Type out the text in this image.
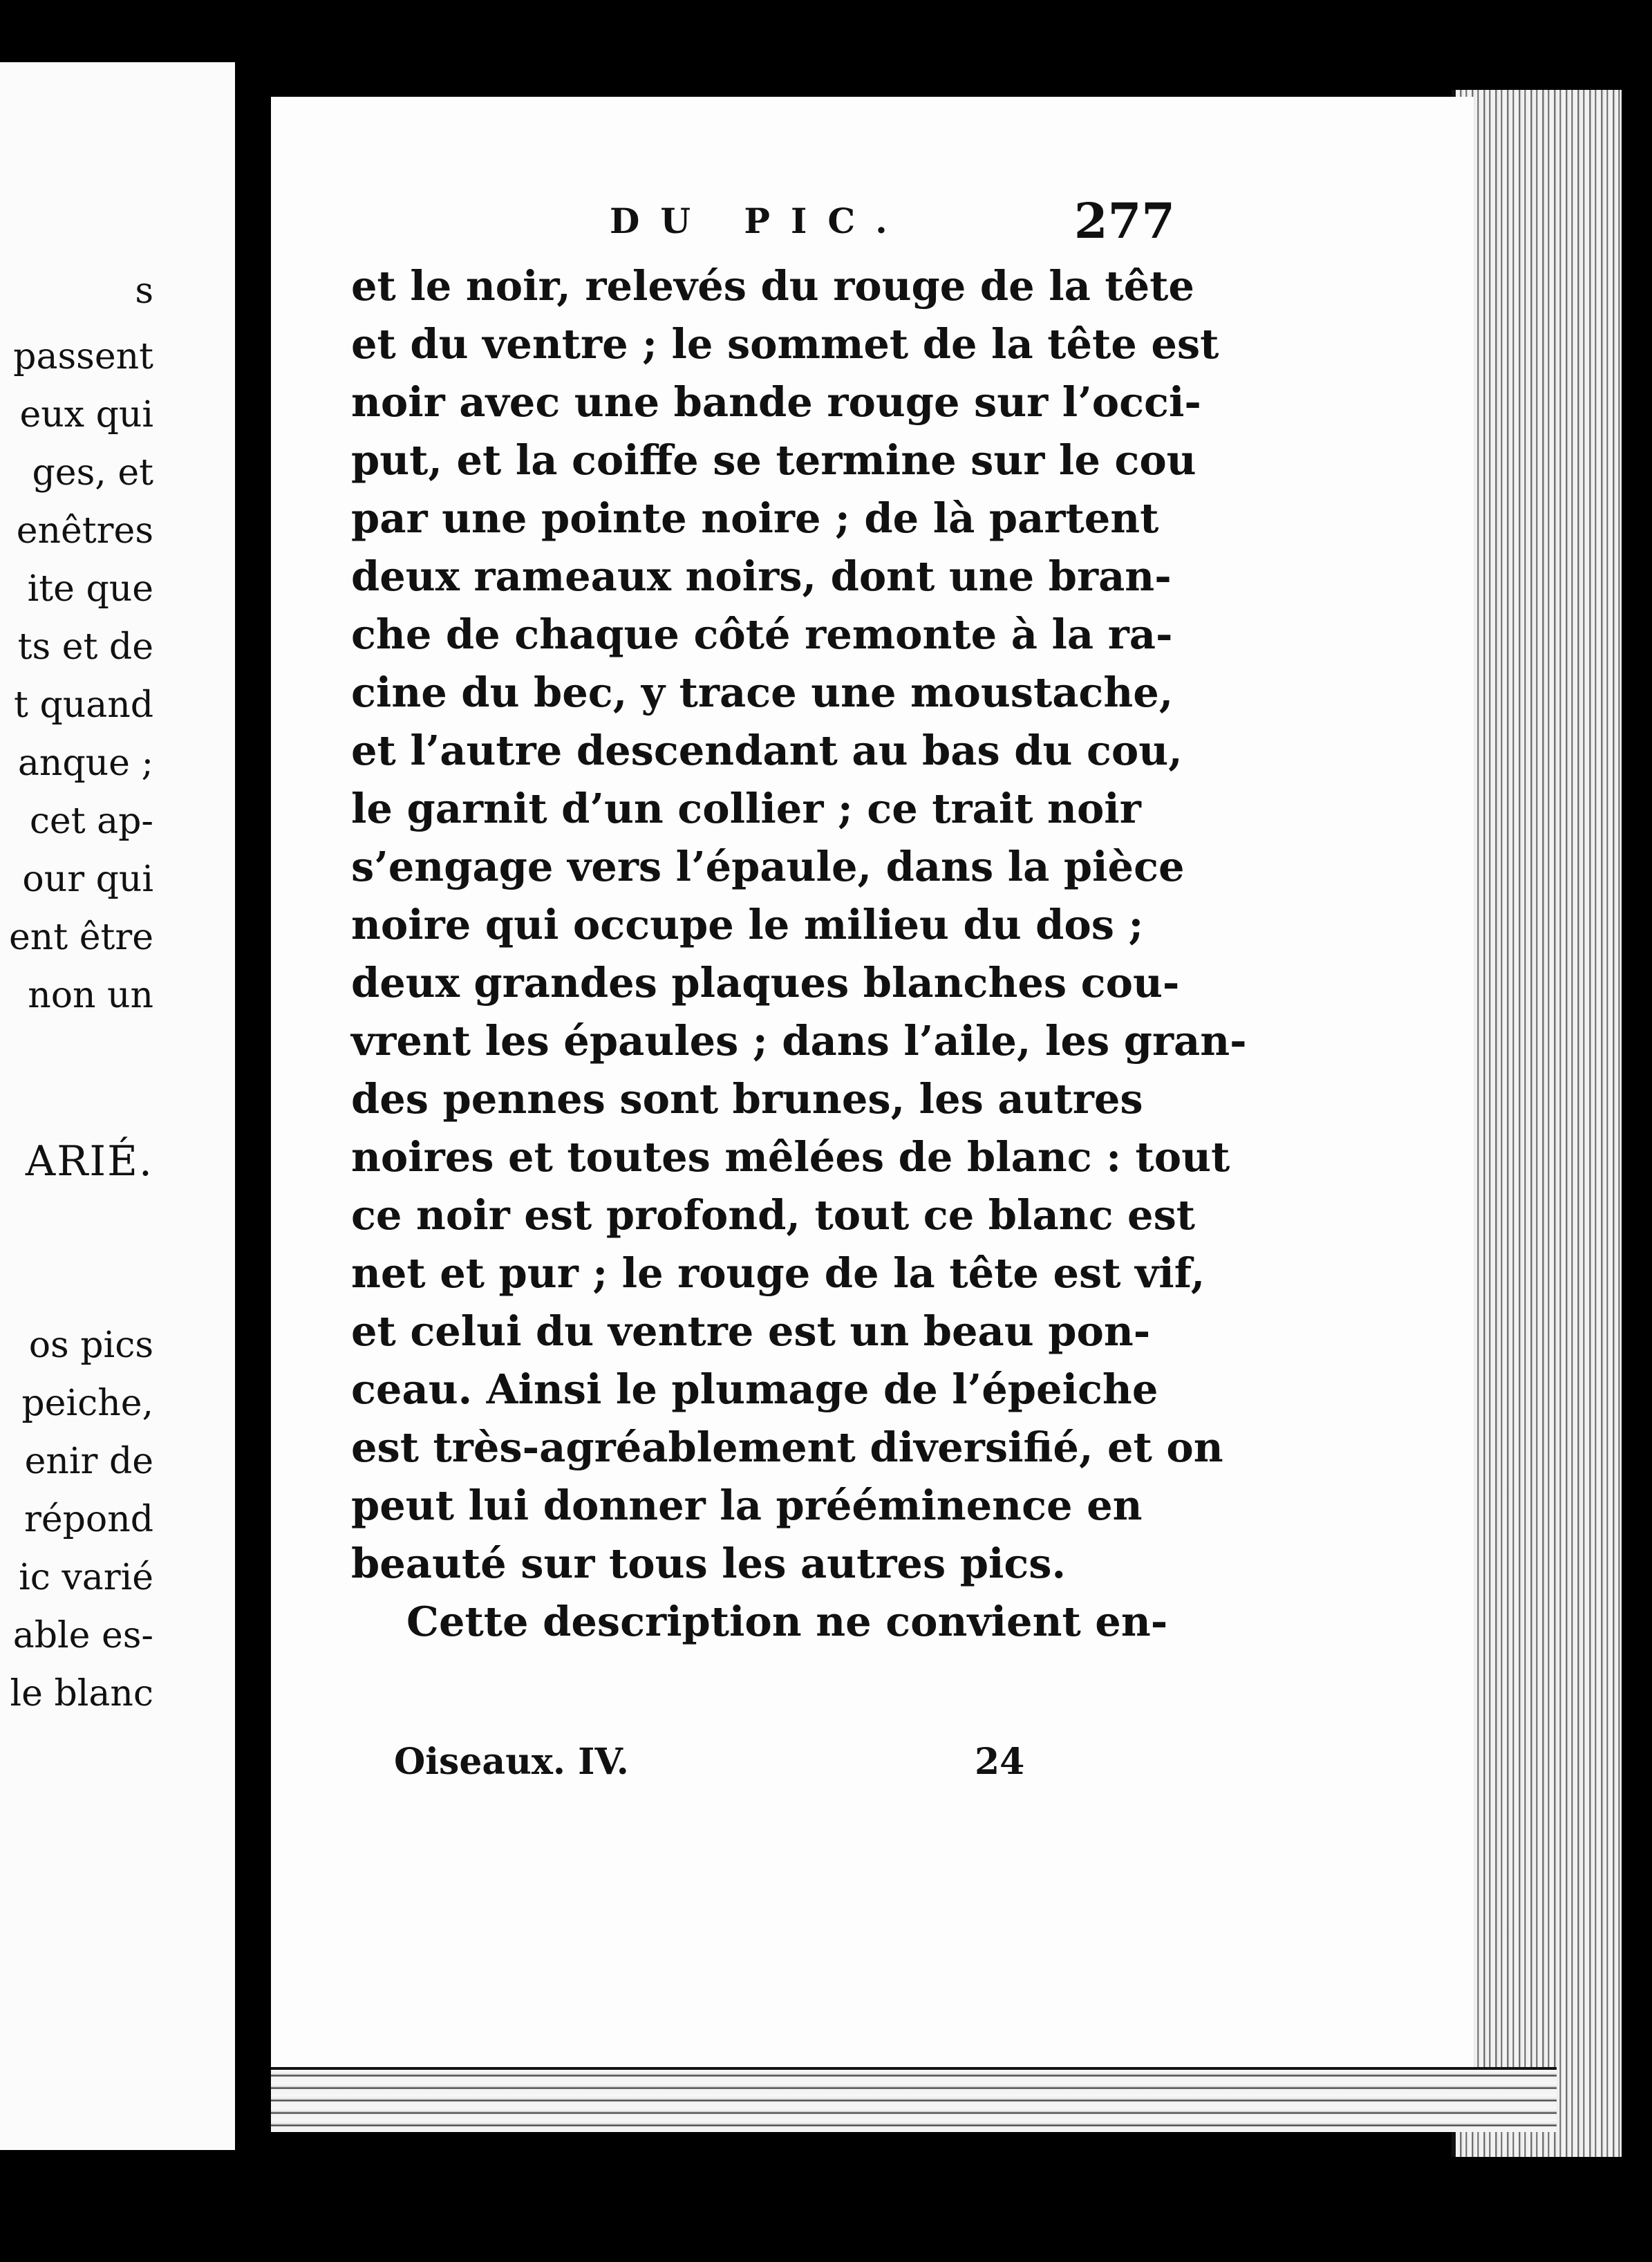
s
passent
eux qui
ges, et
enêtres
ite que
ts et de
t quand
anque ;
cet ap-
our qui
ent être
non un
ARIÉ.
os pics
peiche,
enir de
répond
ic varié
able es-
le blanc
DU PIC.	277
et le noir, relevés du rouge de la tête
et du ventre ; le sommet de la tête est
noir avec une bande rouge sur l’occi-
put, et la coiffe se termine sur le cou
par une pointe noire ; de là partent
deux rameaux noirs, dont une bran-
che de chaque côté remonte à la ra-
cine du bec, y trace une moustache,
et l’autre descendant au bas du cou,
le garnit d’un collier ; ce trait noir
s’engage vers l’épaule, dans la pièce
noire qui occupe le milieu du dos ;
deux grandes plaques blanches cou-
vrent les épaules ; dans l’aile, les gran-
des pennes sont brunes, les autres
noires et toutes mêlées de blanc : tout
ce noir est profond, tout ce blanc est
net et pur ; le rouge de la tête est vif,
et celui du ventre est un beau pon-
ceau. Ainsi le plumage de l’épeiche
est très-agréablement diversifié, et on
peut lui donner la prééminence en
beauté sur tous les autres pics.
Cette description ne convient en-
Oiseaux. IV.	24
